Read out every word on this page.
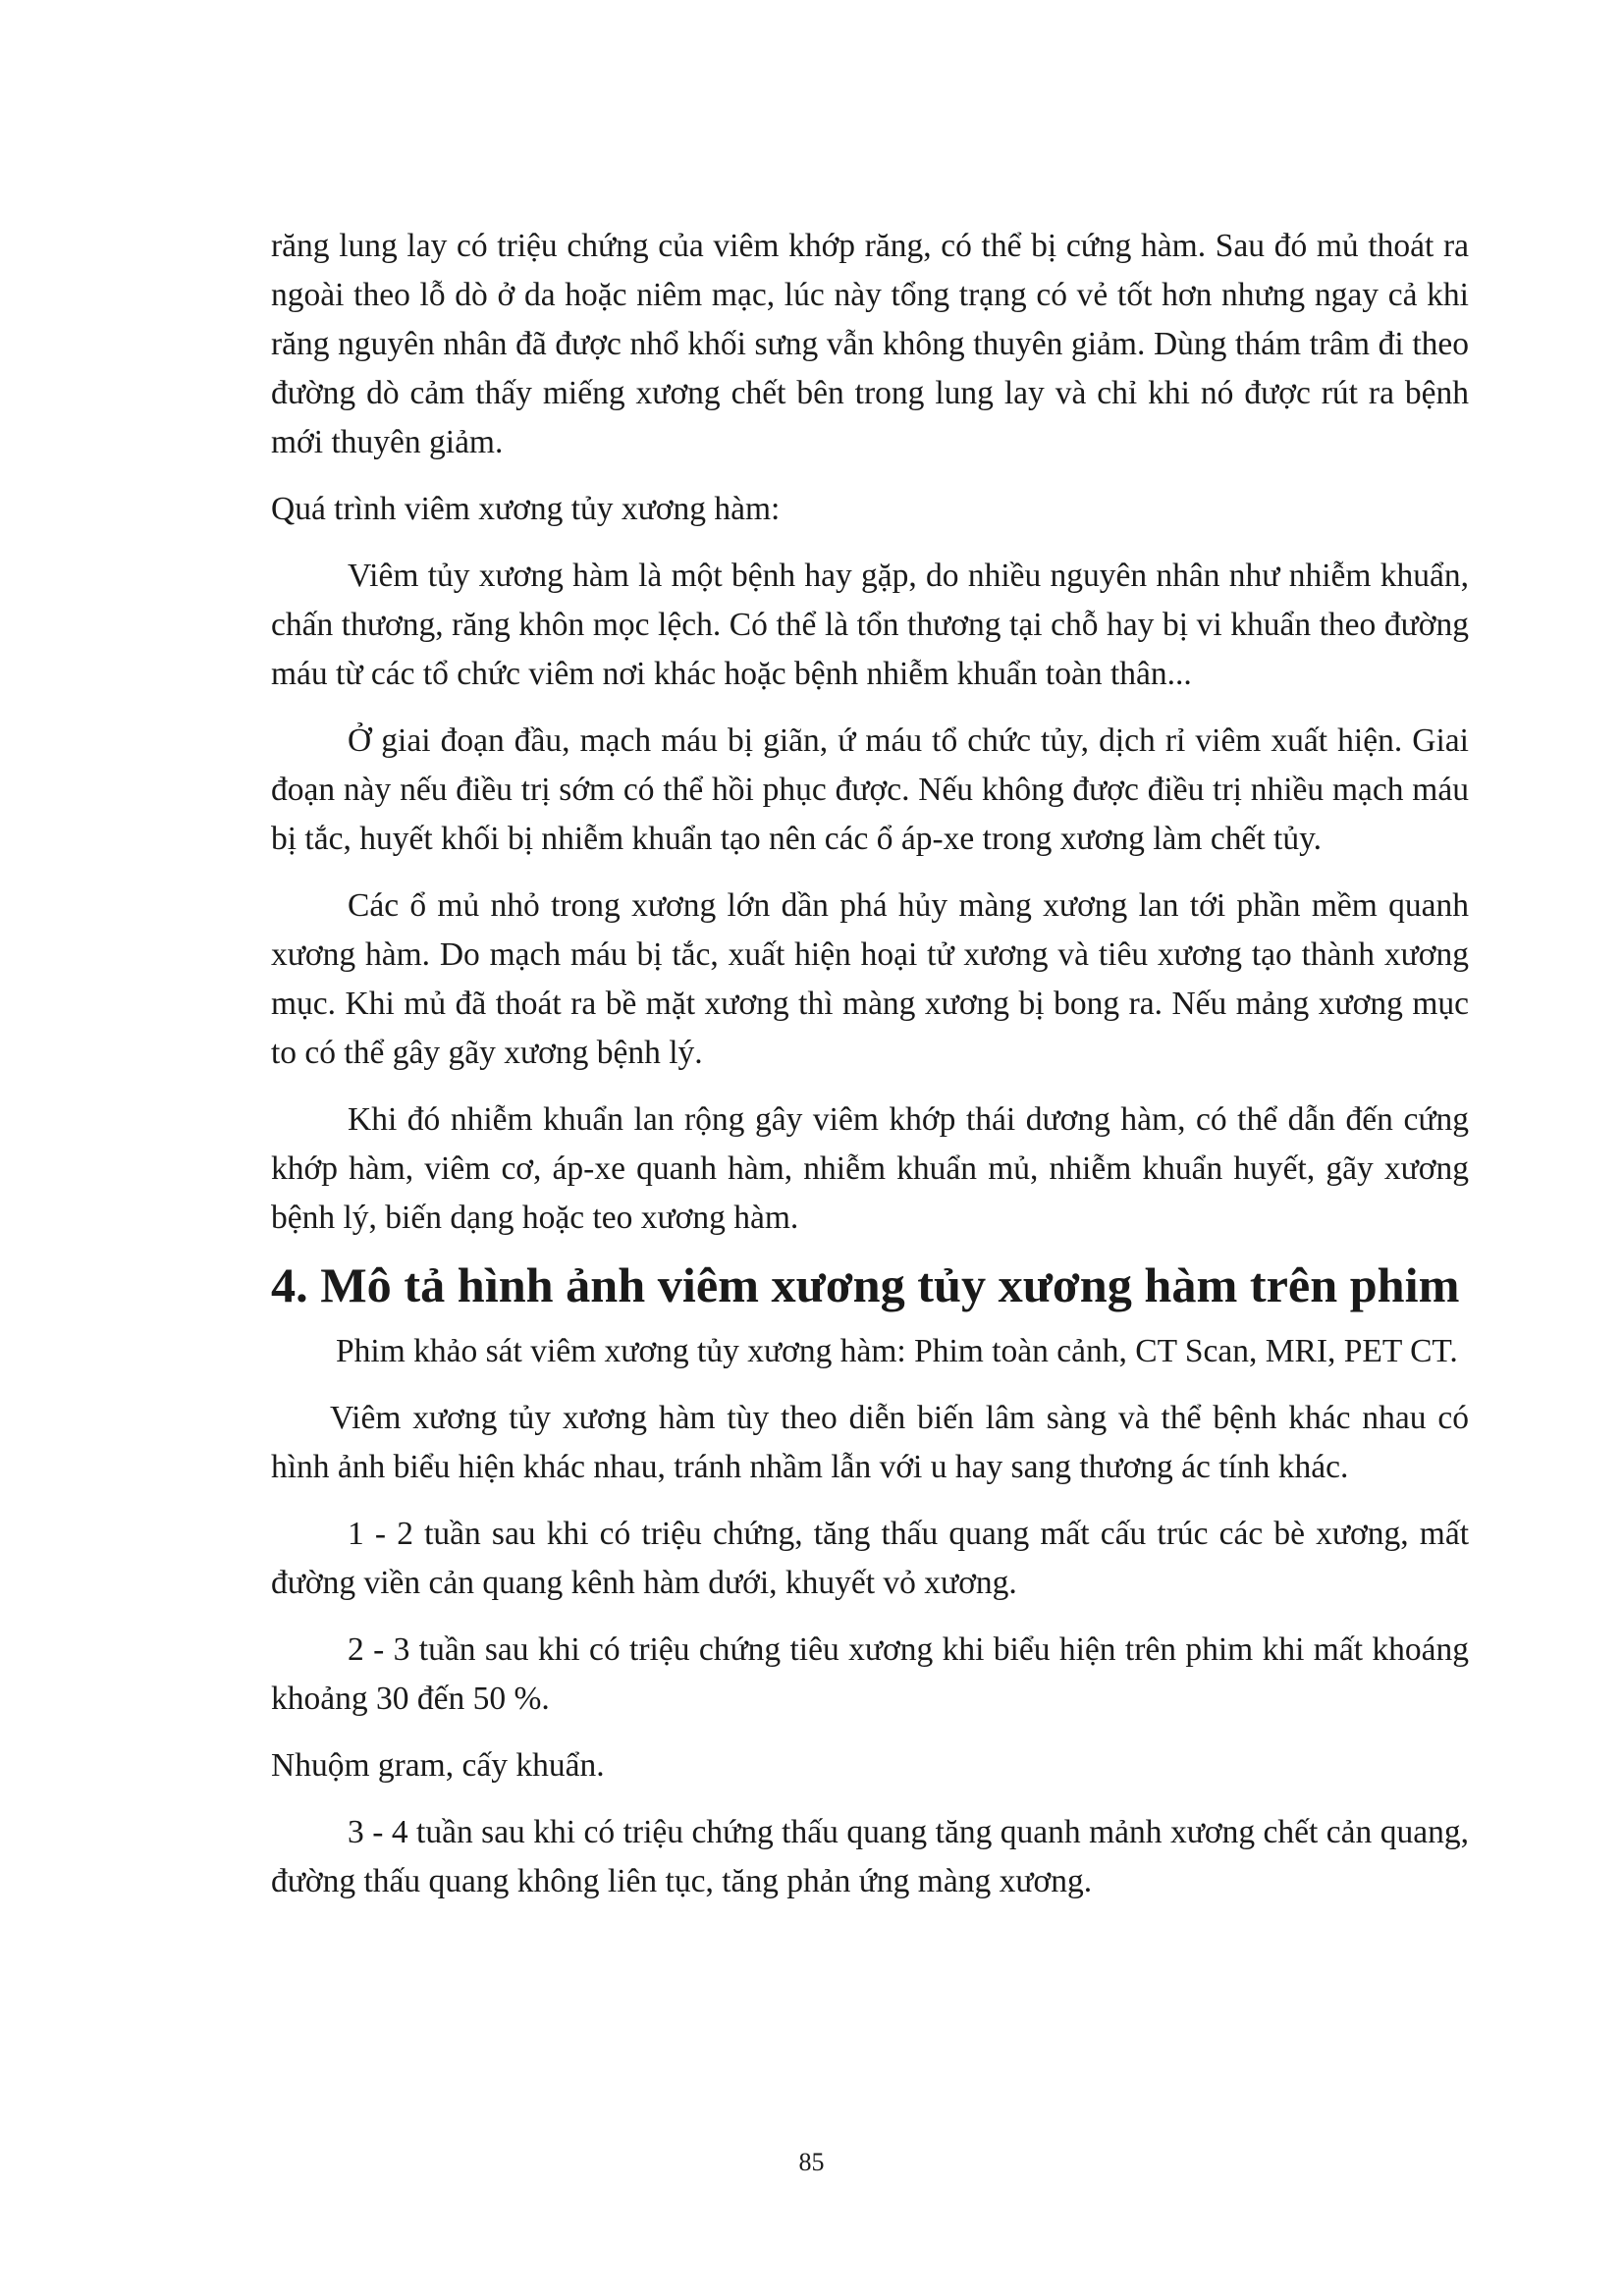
răng lung lay có triệu chứng của viêm khớp răng, có thể bị cứng hàm. Sau đó mủ thoát ra ngoài theo lỗ dò ở da hoặc niêm mạc, lúc này tổng trạng có vẻ tốt hơn nhưng ngay cả khi răng nguyên nhân đã được nhổ khối sưng vẫn không thuyên giảm. Dùng thám trâm đi theo đường dò cảm thấy miếng xương chết bên trong lung lay và chỉ khi nó được rút ra bệnh mới thuyên giảm.

Quá trình viêm xương tủy xương hàm:

Viêm tủy xương hàm là một bệnh hay gặp, do nhiều nguyên nhân như nhiễm khuẩn, chấn thương, răng khôn mọc lệch. Có thể là tổn thương tại chỗ hay bị vi khuẩn theo đường máu từ các tổ chức viêm nơi khác hoặc bệnh nhiễm khuẩn toàn thân...

Ở giai đoạn đầu, mạch máu bị giãn, ứ máu tổ chức tủy, dịch rỉ viêm xuất hiện. Giai đoạn này nếu điều trị sớm có thể hồi phục được. Nếu không được điều trị nhiều mạch máu bị tắc, huyết khối bị nhiễm khuẩn tạo nên các ổ áp-xe trong xương làm chết tủy.

Các ổ mủ nhỏ trong xương lớn dần phá hủy màng xương lan tới phần mềm quanh xương hàm. Do mạch máu bị tắc, xuất hiện hoại tử xương và tiêu xương tạo thành xương mục. Khi mủ đã thoát ra bề mặt xương thì màng xương bị bong ra. Nếu mảng xương mục to có thể gây gãy xương bệnh lý.

Khi đó nhiễm khuẩn lan rộng gây viêm khớp thái dương hàm, có thể dẫn đến cứng khớp hàm, viêm cơ, áp-xe quanh hàm, nhiễm khuẩn mủ, nhiễm khuẩn huyết, gãy xương bệnh lý, biến dạng hoặc teo xương hàm.

4. Mô tả hình ảnh viêm xương tủy xương hàm trên phim

Phim khảo sát viêm xương tủy xương hàm: Phim toàn cảnh, CT Scan, MRI, PET CT.

Viêm xương tủy xương hàm tùy theo diễn biến lâm sàng và thể bệnh khác nhau có hình ảnh biểu hiện khác nhau, tránh nhầm lẫn với u hay sang thương ác tính khác.

1 - 2 tuần sau khi có triệu chứng, tăng thấu quang mất cấu trúc các bè xương, mất đường viền cản quang kênh hàm dưới, khuyết vỏ xương.

2 - 3 tuần sau khi có triệu chứng tiêu xương khi biểu hiện trên phim khi mất khoáng khoảng 30 đến 50 %.

Nhuộm gram, cấy khuẩn.

3 - 4 tuần sau khi có triệu chứng thấu quang tăng quanh mảnh xương chết cản quang, đường thấu quang không liên tục, tăng phản ứng màng xương.

85
